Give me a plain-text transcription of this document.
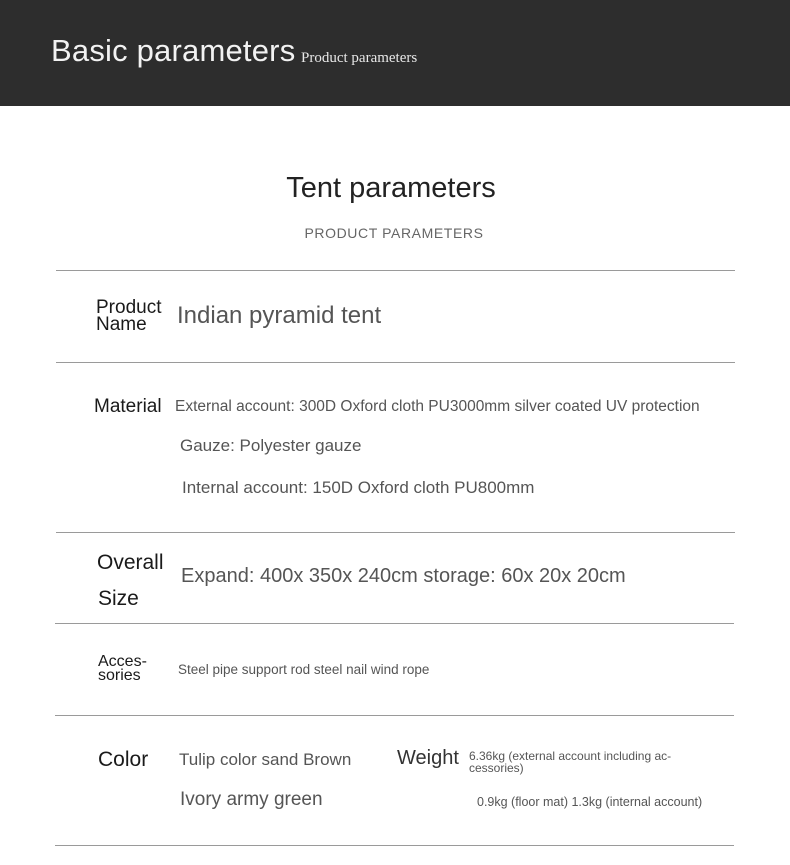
Basic parameters Product parameters
Tent parameters
PRODUCT PARAMETERS
Product
Name Indian pyramid tent
Material External account: 300D Oxford cloth PU3000mm silver coated UV protection
Gauze: Polyester gauze
Internal account: 150D Oxford cloth PU800mm
Overall
Size
Expand: 400x 350x 240cm storage: 60x 20x 20cm
Acces-
sories	Steel pipe support rod steel nail wind rope
Color Tulip color sand Brown
Ivory army green
Weight 6.36kg (external account including ac-
cessories)
0.9kg (floor mat) 1.3kg (internal account)
